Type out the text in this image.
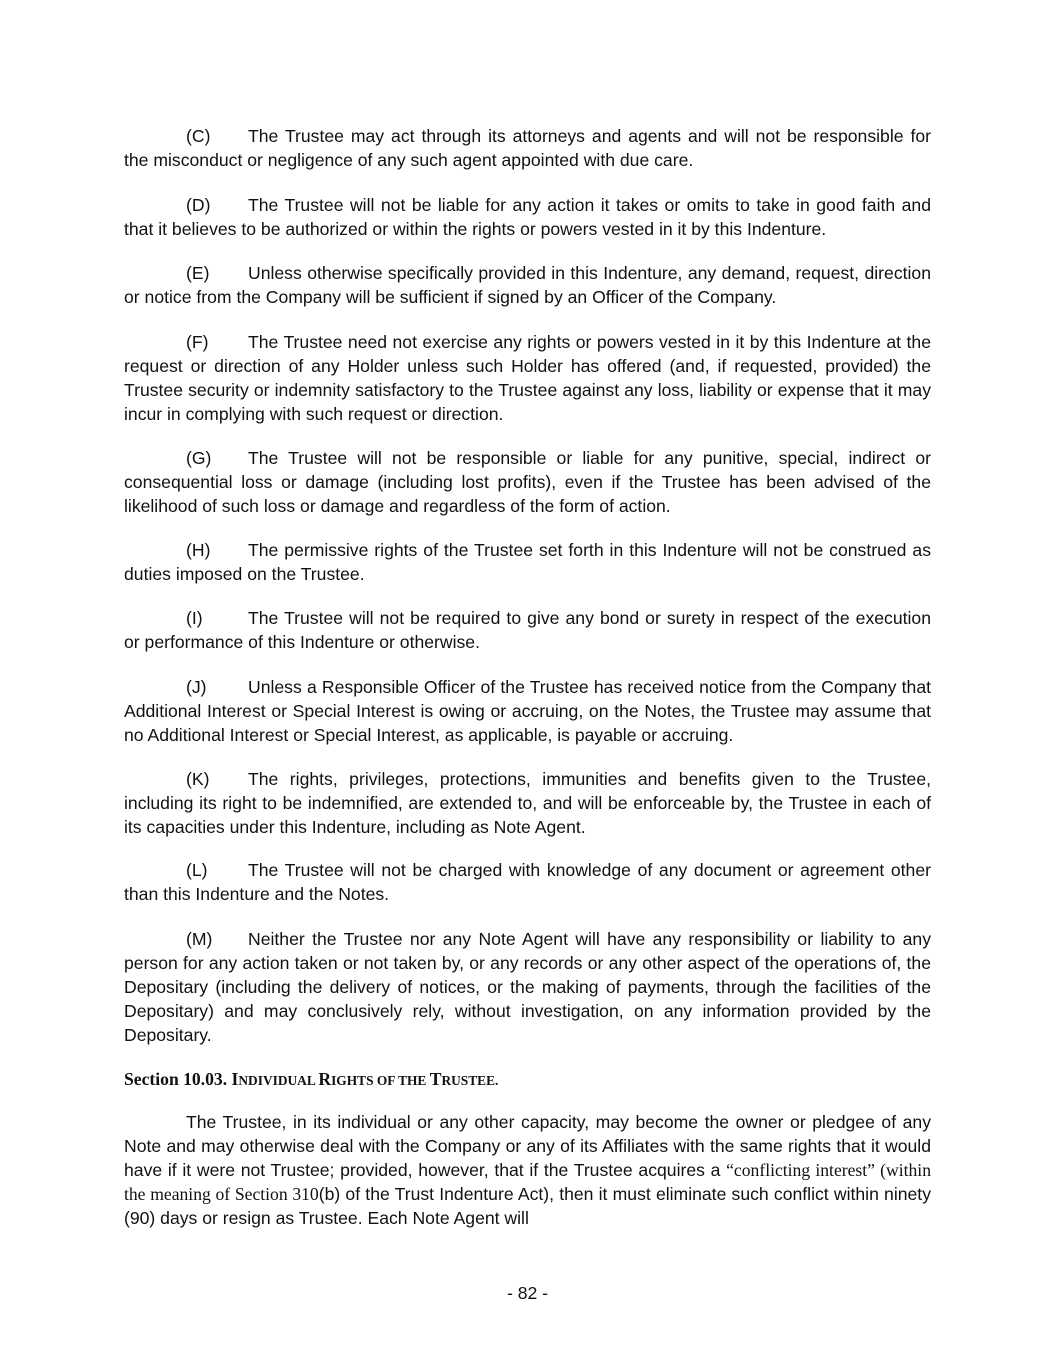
(C) The Trustee may act through its attorneys and agents and will not be responsible for the misconduct or negligence of any such agent appointed with due care.

(D) The Trustee will not be liable for any action it takes or omits to take in good faith and that it believes to be authorized or within the rights or powers vested in it by this Indenture.

(E) Unless otherwise specifically provided in this Indenture, any demand, request, direction or notice from the Company will be sufficient if signed by an Officer of the Company.

(F) The Trustee need not exercise any rights or powers vested in it by this Indenture at the request or direction of any Holder unless such Holder has offered (and, if requested, provided) the Trustee security or indemnity satisfactory to the Trustee against any loss, liability or expense that it may incur in complying with such request or direction.

(G) The Trustee will not be responsible or liable for any punitive, special, indirect or consequential loss or damage (including lost profits), even if the Trustee has been advised of the likelihood of such loss or damage and regardless of the form of action.

(H) The permissive rights of the Trustee set forth in this Indenture will not be construed as duties imposed on the Trustee.

(I)	The Trustee will not be required to give any bond or surety in respect of the execution or performance of this Indenture or otherwise.

(J) Unless a Responsible Officer of the Trustee has received notice from the Company that Additional Interest or Special Interest is owing or accruing, on the Notes, the Trustee may assume that no Additional Interest or Special Interest, as applicable, is payable or accruing.

(K) The rights, privileges, protections, immunities and benefits given to the Trustee, including its right to be indemnified, are extended to, and will be enforceable by, the Trustee in each of its capacities under this Indenture, including as Note Agent.

(L) The Trustee will not be charged with knowledge of any document or agreement other than this Indenture and the Notes.

(M) Neither the Trustee nor any Note Agent will have any responsibility or liability to any person for any action taken or not taken by, or any records or any other aspect of the operations of, the Depositary (including the delivery of notices, or the making of payments, through the facilities of the Depositary) and may conclusively rely, without investigation, on any information provided by the Depositary.

Section 10.03. INDIVIDUAL RIGHTS OF THE TRUSTEE.

The Trustee, in its individual or any other capacity, may become the owner or pledgee of any Note and may otherwise deal with the Company or any of its Affiliates with the same rights that it would have if it were not Trustee; provided, however, that if the Trustee acquires a “conflicting interest” (within the meaning of Section 310(b) of the Trust Indenture Act), then it must eliminate such conflict within ninety (90) days or resign as Trustee. Each Note Agent will

- 82 -
